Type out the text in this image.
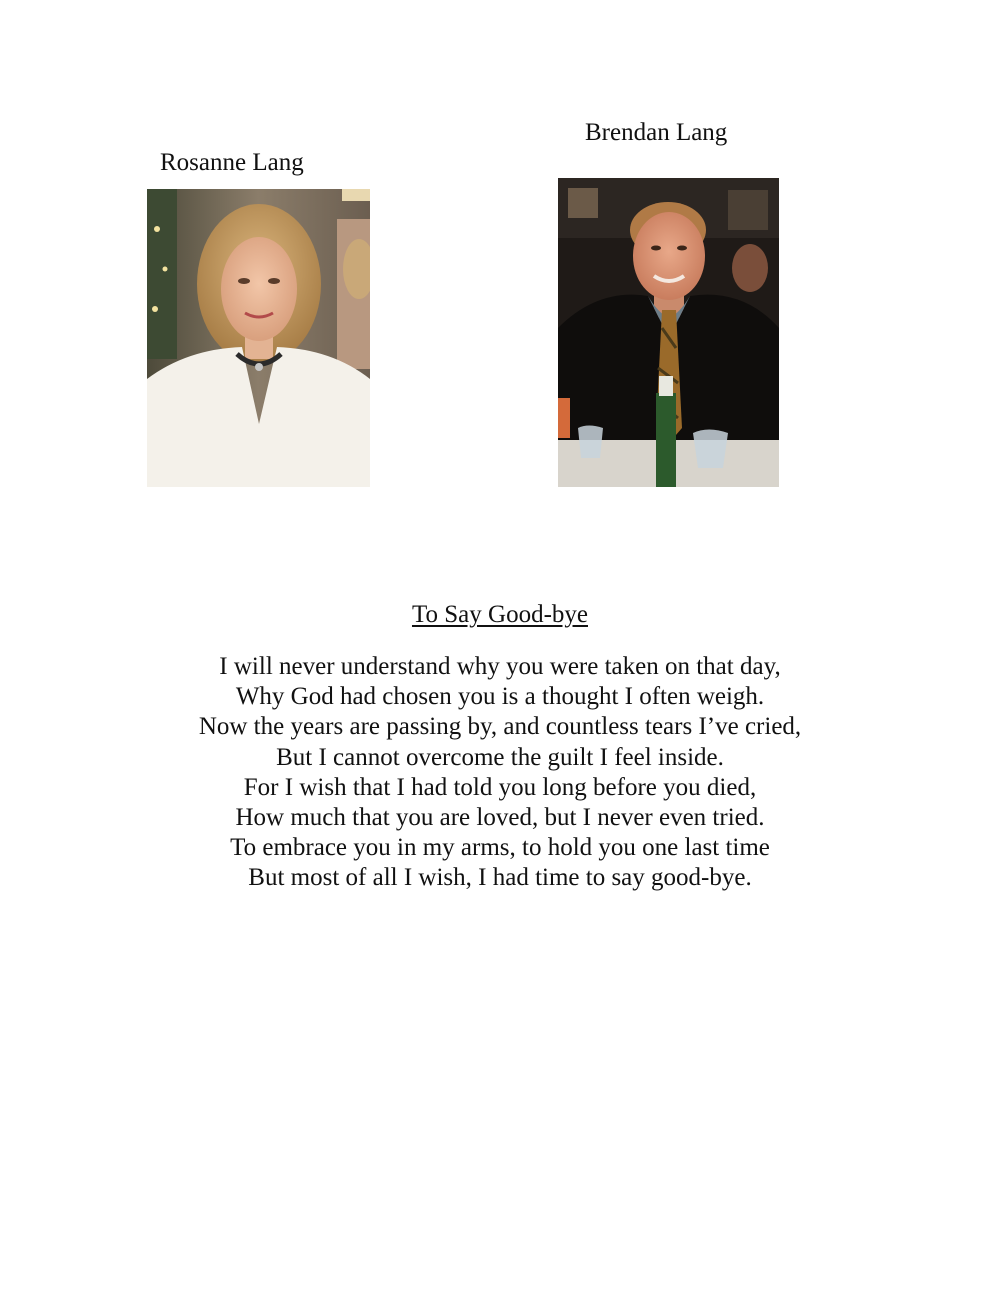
Rosanne Lang
Brendan Lang
To Say Good-bye
I will never understand why you were taken on that day,
Why God had chosen you is a thought I often weigh.
Now the years are passing by, and countless tears I’ve cried,
But I cannot overcome the guilt I feel inside.
For I wish that I had told you long before you died,
How much that you are loved, but I never even tried.
To embrace you in my arms, to hold you one last time
But most of all I wish, I had time to say good-bye.
